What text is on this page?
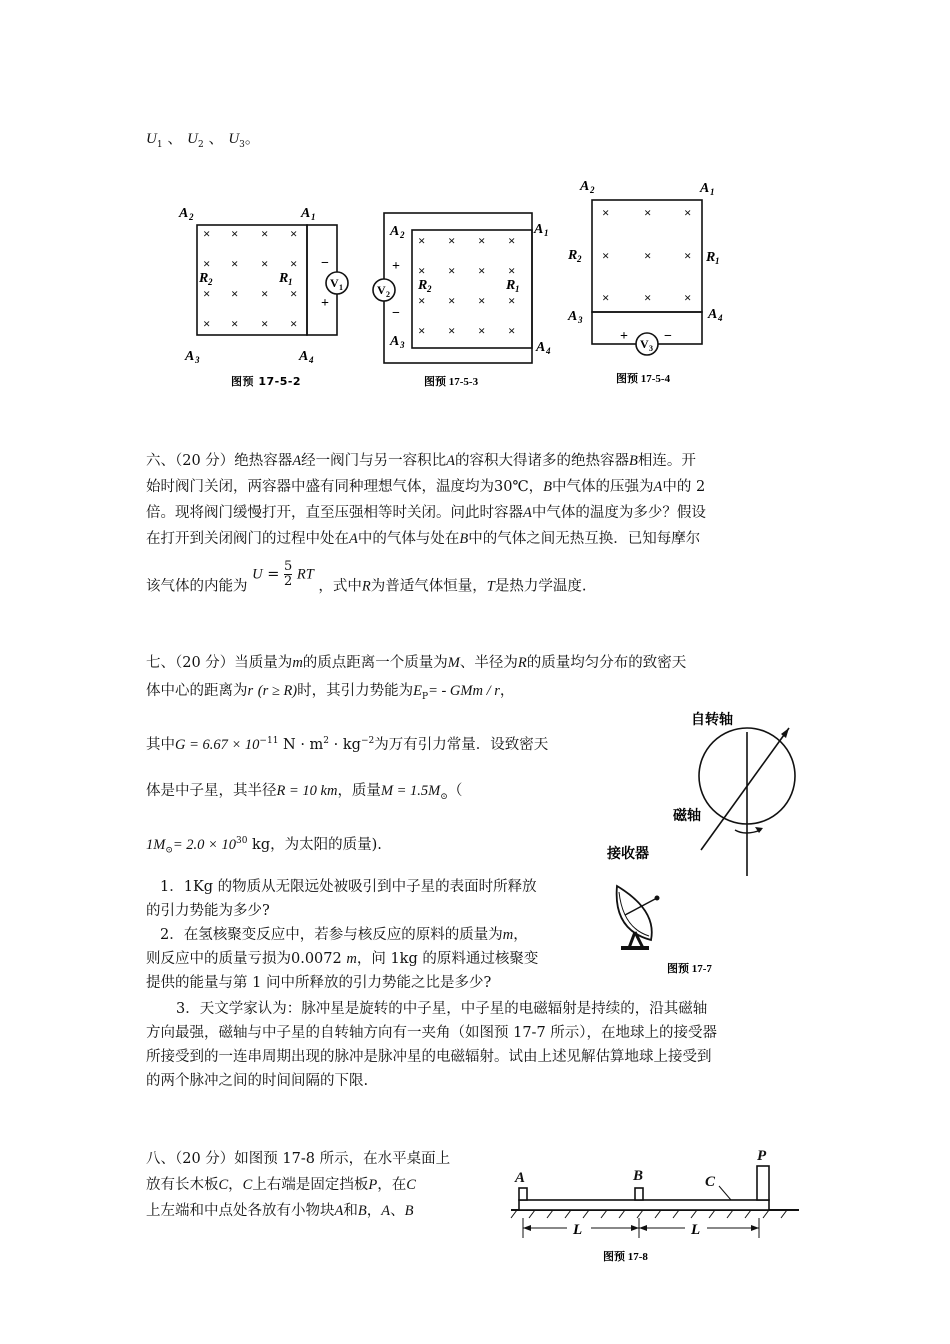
$U_1$ 、 $U_2$ 、 $U_3$。
× × × ×
× × × ×
× × × ×
× × × ×
V 1
−
+
A 2	A 1
A 3	A 4
R 2	R 1
图预 17-5-2
× × × ×
× × × ×
× × × ×
× × × ×
V 2
+
−
A 2	A 1
A 3	A 4
R 2	R 1
图预 17-5-3
×	×	×
×	×	×
×	×	×
V 3
+	−
A 2	A 1
R 2	R 1
A 3	A 4
图预 17-5-4
六、（20 分）绝热容器A经一阀门与另一容积比A的容积大得诸多的绝热容器B相连。开
始时阀门关闭，两容器中盛有同种理想气体，温度均为30℃，B中气体的压强为A中的 2
倍。现将阀门缓慢打开，直至压强相等时关闭。问此时容器A中气体的温度为多少？假设
在打开到关闭阀门的过程中处在A中的气体与处在B中的气体之间无热互换．已知每摩尔
该气体的内能为 $U = \frac{5}{2}$ RT ，式中R为普适气体恒量，T是热力学温度.
七、（20 分）当质量为m的质点距离一个质量为M、半径为R的质量均匀分布的致密天
体中心的距离为r (r ≥ R)时，其引力势能为$E_P=$ - GMm / r，
其中$G = 6.67 \times 10^{-11}$ $N \cdot m^2 \cdot kg^{-2}$为万有引力常量．设致密天
体是中子星，其半径R = 10 km，质量$M = 1.5M_⊙$（
$1M_⊙= 2.0 \times 10^{30}$ kg，为太阳的质量).
1．1Kg 的物质从无限远处被吸引到中子星的表面时所释放
的引力势能为多少?
2．在氢核聚变反应中，若参与核反应的原料的质量为m，
则反应中的质量亏损为0.0072 m，问 1kg 的原料通过核聚变
提供的能量与第 1 问中所释放的引力势能之比是多少?
3．天文学家认为：脉冲星是旋转的中子星，中子星的电磁辐射是持续的，沿其磁轴
方向最强，磁轴与中子星的自转轴方向有一夹角（如图预 17-7 所示），在地球上的接受器
所接受到的一连串周期出现的脉冲是脉冲星的电磁辐射。试由上述见解估算地球上接受到
的两个脉冲之间的时间间隔的下限.
自转轴
磁轴
接收器
图预 17-7
八、（20 分）如图预 17-8 所示，在水平桌面上
放有长木板C，C上右端是固定挡板P，在C
上左端和中点处各放有小物块A和B，A、B
A	B	C
P
L	L
图预 17-8
